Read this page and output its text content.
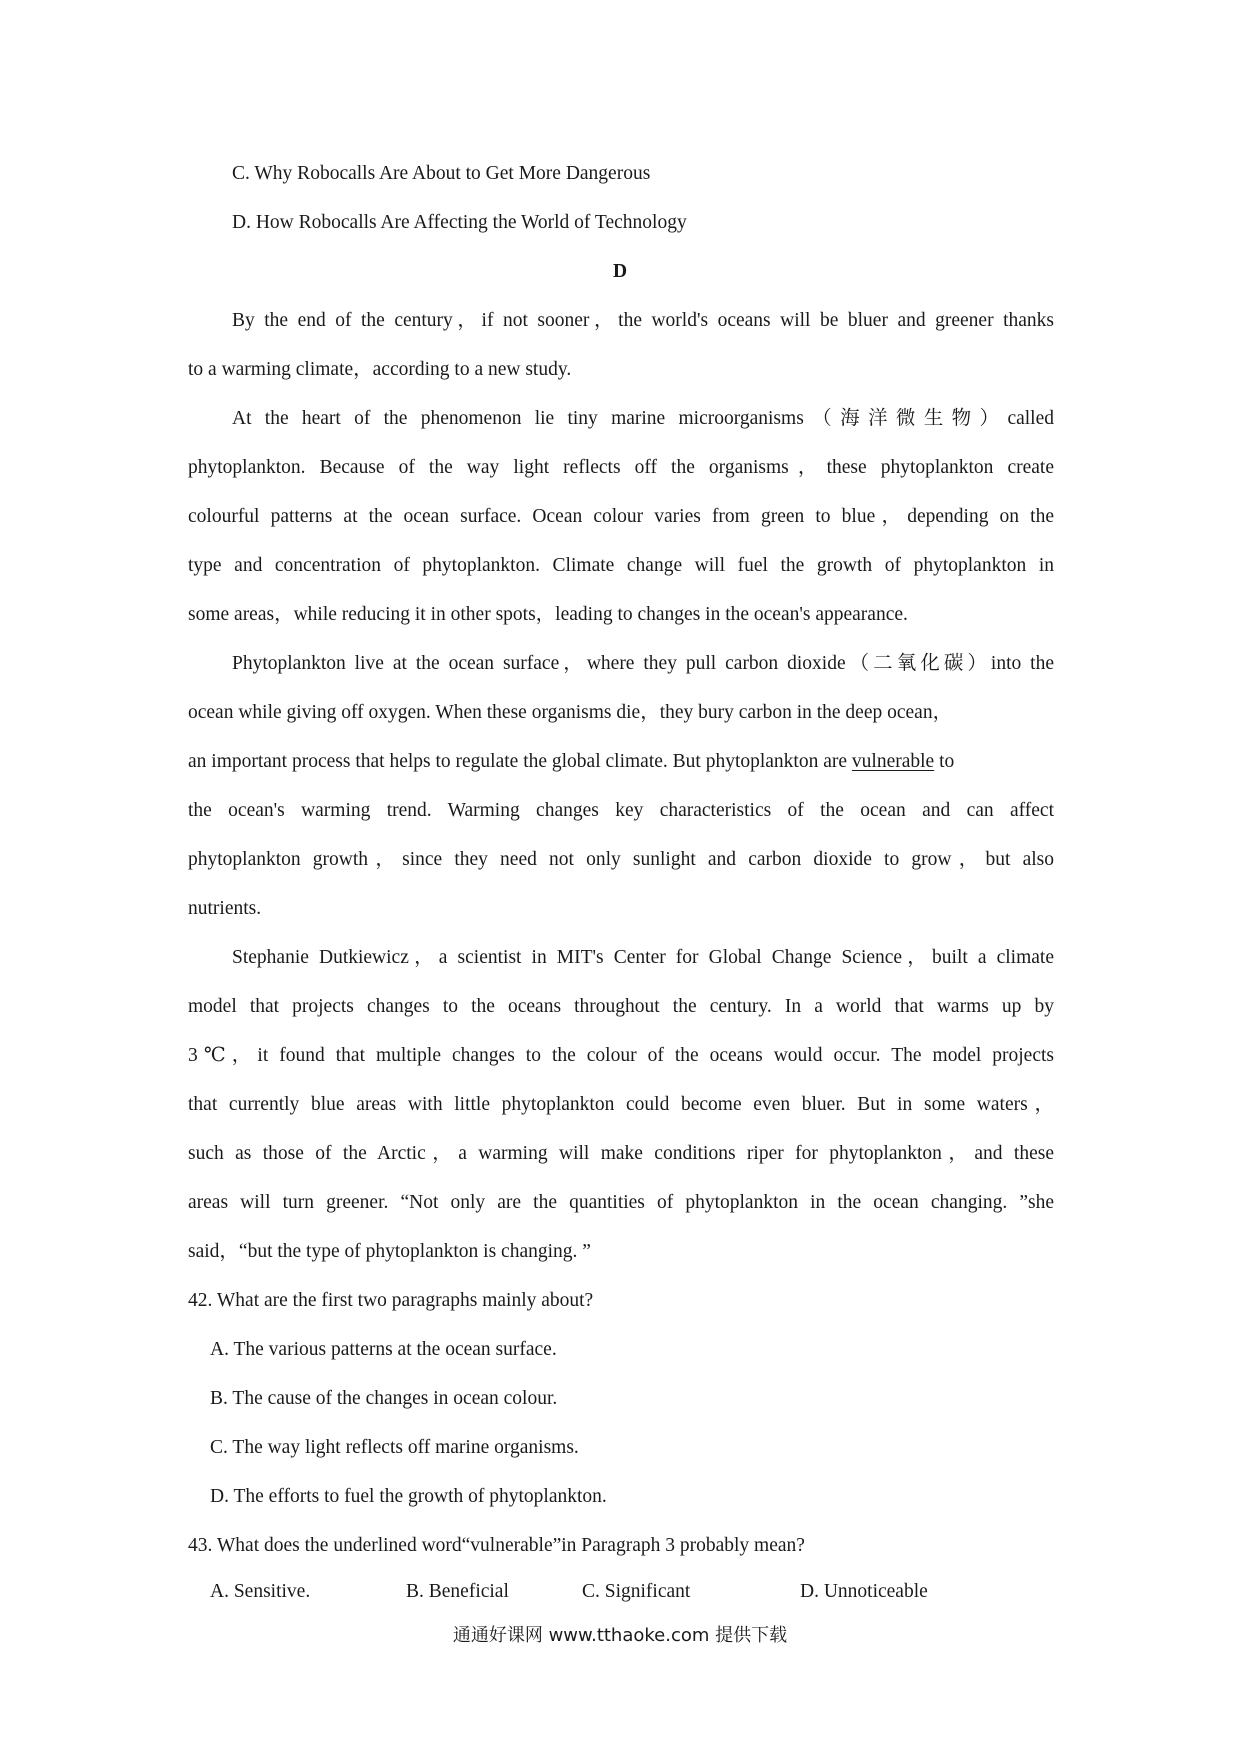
C. Why Robocalls Are About to Get More Dangerous
D. How Robocalls Are Affecting the World of Technology
D
By the end of the century，if not sooner，the world's oceans will be bluer and greener thanks
to a warming climate，according to a new study.
At the heart of the phenomenon lie tiny marine microorganisms（海洋微生物）called
phytoplankton. Because of the way light reflects off the organisms，these phytoplankton create
colourful patterns at the ocean surface. Ocean colour varies from green to blue，depending on the
type and concentration of phytoplankton. Climate change will fuel the growth of phytoplankton in
some areas，while reducing it in other spots，leading to changes in the ocean's appearance.
Phytoplankton live at the ocean surface，where they pull carbon dioxide（二氧化碳）into the
ocean while giving off oxygen. When these organisms die，they bury carbon in the deep ocean，
an important process that helps to regulate the global climate. But phytoplankton are vulnerable to
the ocean's warming trend. Warming changes key characteristics of the ocean and can affect
phytoplankton growth，since they need not only sunlight and carbon dioxide to grow，but also
nutrients.
Stephanie Dutkiewicz，a scientist in MIT's Center for Global Change Science，built a climate
model that projects changes to the oceans throughout the century. In a world that warms up by
3℃，it found that multiple changes to the colour of the oceans would occur. The model projects
that currently blue areas with little phytoplankton could become even bluer. But in some waters，
such as those of the Arctic，a warming will make conditions riper for phytoplankton，and these
areas will turn greener. “Not only are the quantities of phytoplankton in the ocean changing. ”she
said，“but the type of phytoplankton is changing. ”
42. What are the first two paragraphs mainly about?
A. The various patterns at the ocean surface.
B. The cause of the changes in ocean colour.
C. The way light reflects off marine organisms.
D. The efforts to fuel the growth of phytoplankton.
43. What does the underlined word“vulnerable”in Paragraph 3 probably mean?
A. Sensitive.	B. Beneficial	C. Significant	D. Unnoticeable
通通好课网 www.tthaoke.com 提供下载
